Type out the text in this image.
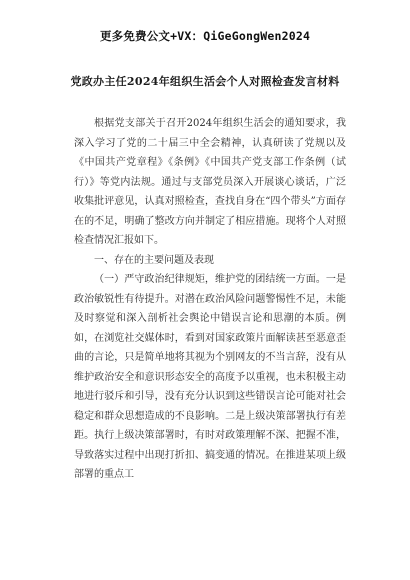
更多免费公文+VX：QiGeGongWen2024
党政办主任2024年组织生活会个人对照检查发言材料

根据党支部关于召开2024年组织生活会的通知要求，我深入学习了党的二十届三中全会精神，认真研读了党规以及《中国共产党章程》《条例》《中国共产党支部工作条例（试行）》等党内法规。通过与支部党员深入开展谈心谈话，广泛收集批评意见，认真对照检查，查找自身在“四个带头”方面存在的不足，明确了整改方向并制定了相应措施。现将个人对照检查情况汇报如下。

一、存在的主要问题及表现

（一）严守政治纪律规矩，维护党的团结统一方面。一是政治敏锐性有待提升。对潜在政治风险问题警惕性不足，未能及时察觉和深入剖析社会舆论中错误言论和思潮的本质。例如，在浏览社交媒体时，看到对国家政策片面解读甚至恶意歪曲的言论，只是简单地将其视为个别网友的不当言辞，没有从维护政治安全和意识形态安全的高度予以重视，也未积极主动地进行驳斥和引导，没有充分认识到这些错误言论可能对社会稳定和群众思想造成的不良影响。二是上级决策部署执行有差距。执行上级决策部署时，有时对政策理解不深、把握不准，导致落实过程中出现打折扣、搞变通的情况。在推进某项上级部署的重点工
